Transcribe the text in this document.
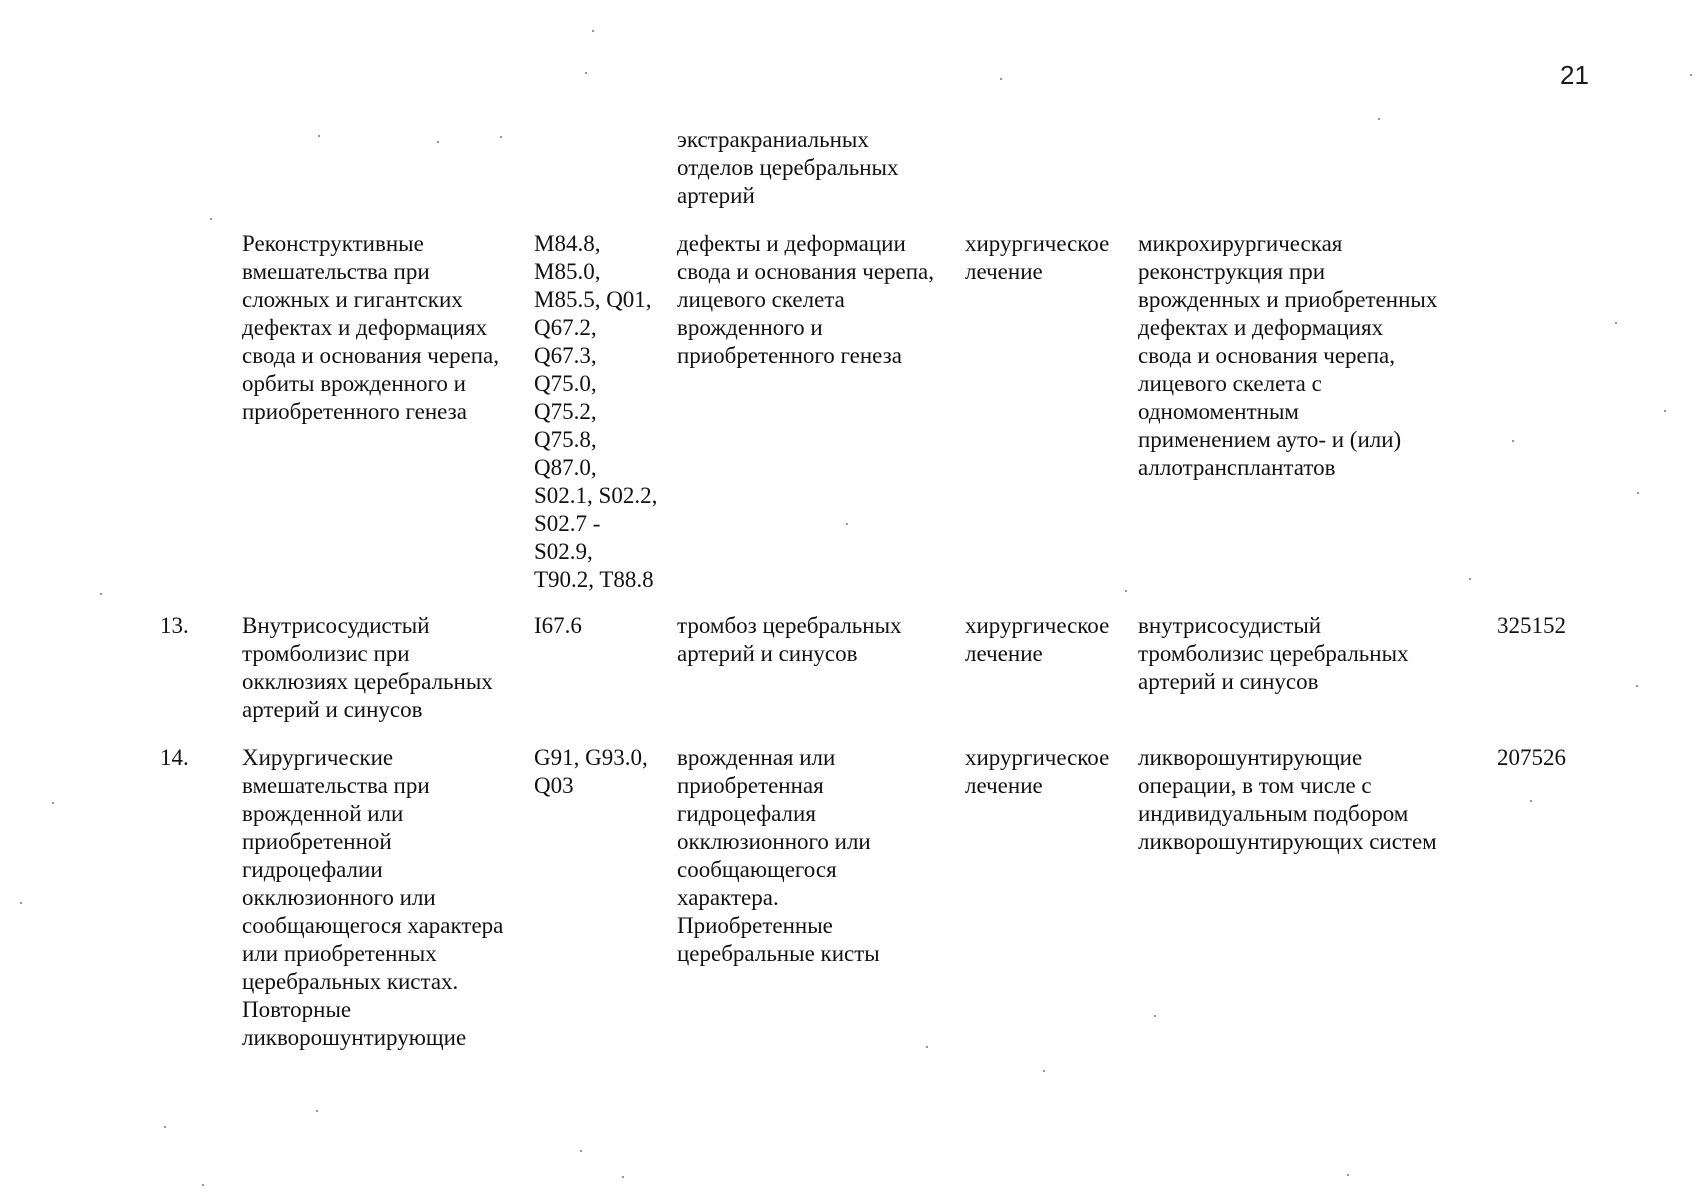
21
экстракраниальных
отделов церебральных
артерий
Реконструктивные
вмешательства при
сложных и гигантских
дефектах и деформациях
свода и основания черепа,
орбиты врожденного и
приобретенного генеза
M84.8,
M85.0,
M85.5, Q01,
Q67.2,
Q67.3,
Q75.0,
Q75.2,
Q75.8,
Q87.0,
S02.1, S02.2,
S02.7 -
S02.9,
T90.2, T88.8
дефекты и деформации
свода и основания черепа,
лицевого скелета
врожденного и
приобретенного генеза
хирургическое
лечение
микрохирургическая
реконструкция при
врожденных и приобретенных
дефектах и деформациях
свода и основания черепа,
лицевого скелета с
одномоментным
применением ауто- и (или)
аллотрансплантатов
13. Внутрисосудистый
тромболизис при
окклюзиях церебральных
артерий и синусов
I67.6	тромбоз церебральных
артерий и синусов
хирургическое
лечение
внутрисосудистый
тромболизис церебральных
артерий и синусов
325152
14. Хирургические
вмешательства при
врожденной или
приобретенной
гидроцефалии
окклюзионного или
сообщающегося характера
или приобретенных
церебральных кистах.
Повторные
ликворошунтирующие
G91, G93.0,
Q03
врожденная или
приобретенная
гидроцефалия
окклюзионного или
сообщающегося
характера.
Приобретенные
церебральные кисты
хирургическое
лечение
ликворошунтирующие
операции, в том числе с
индивидуальным подбором
ликворошунтирующих систем
207526
